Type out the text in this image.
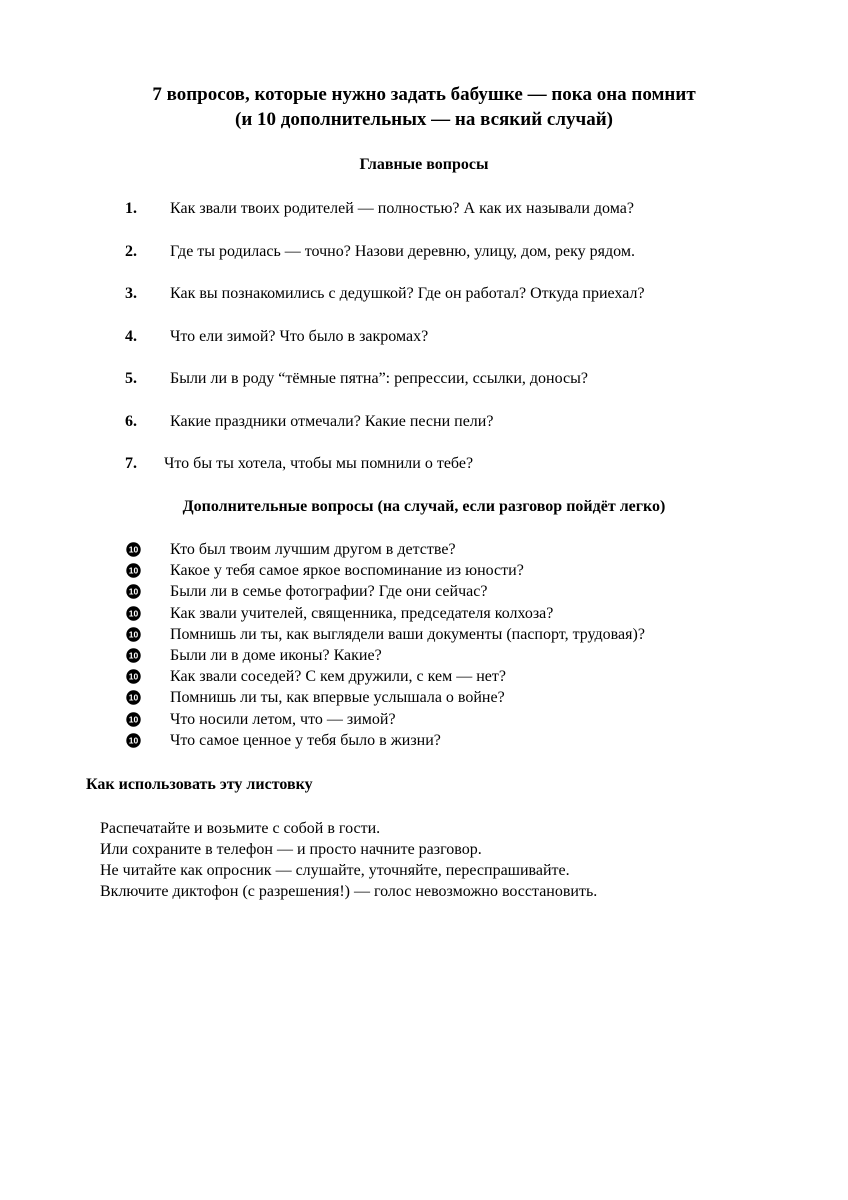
7 вопросов, которые нужно задать бабушке — пока она помнит
(и 10 дополнительных — на всякий случай)
Главные вопросы
1. Как звали твоих родителей — полностью? А как их называли дома?
2. Где ты родилась — точно? Назови деревню, улицу, дом, реку рядом.
3. Как вы познакомились с дедушкой? Где он работал? Откуда приехал?
4. Что ели зимой? Что было в закромах?
5. Были ли в роду “тёмные пятна”: репрессии, ссылки, доносы?
6. Какие праздники отмечали? Какие песни пели?
7. Что бы ты хотела, чтобы мы помнили о тебе?
Дополнительные вопросы (на случай, если разговор пойдёт легко)
10 Кто был твоим лучшим другом в детстве?
10 Какое у тебя самое яркое воспоминание из юности?
10 Были ли в семье фотографии? Где они сейчас?
10 Как звали учителей, священника, председателя колхоза?
10 Помнишь ли ты, как выглядели ваши документы (паспорт, трудовая)?
10 Были ли в доме иконы? Какие?
10 Как звали соседей? С кем дружили, с кем — нет?
10 Помнишь ли ты, как впервые услышала о войне?
10 Что носили летом, что — зимой?
10 Что самое ценное у тебя было в жизни?
Как использовать эту листовку
Распечатайте и возьмите с собой в гости.
Или сохраните в телефон — и просто начните разговор.
Не читайте как опросник — слушайте, уточняйте, переспрашивайте.
Включите диктофон (с разрешения!) — голос невозможно восстановить.
